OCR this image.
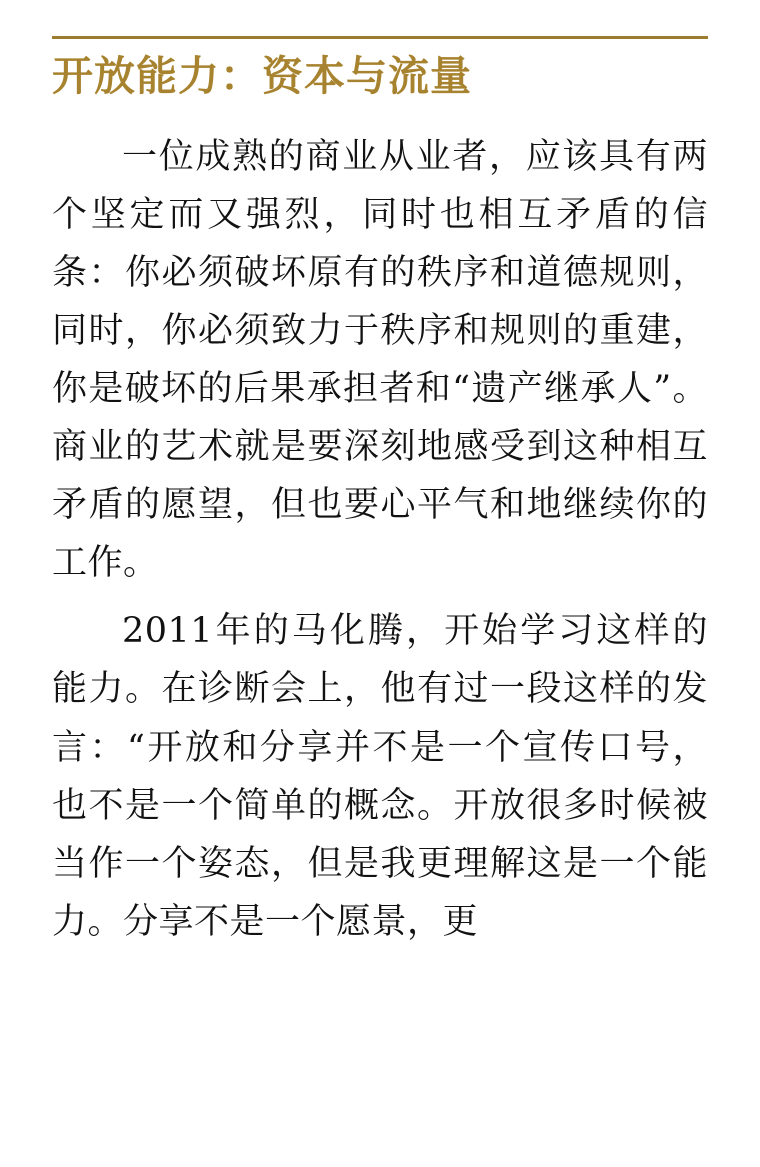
开放能力：资本与流量

一位成熟的商业从业者，应该具有两个坚定而又强烈，同时也相互矛盾的信条：你必须破坏原有的秩序和道德规则，同时，你必须致力于秩序和规则的重建，你是破坏的后果承担者和“遗产继承人”。商业的艺术就是要深刻地感受到这种相互矛盾的愿望，但也要心平气和地继续你的工作。

2011年的马化腾，开始学习这样的能力。在诊断会上，他有过一段这样的发言：“开放和分享并不是一个宣传口号，也不是一个简单的概念。开放很多时候被当作一个姿态，但是我更理解这是一个能力。分享不是一个愿景，更
